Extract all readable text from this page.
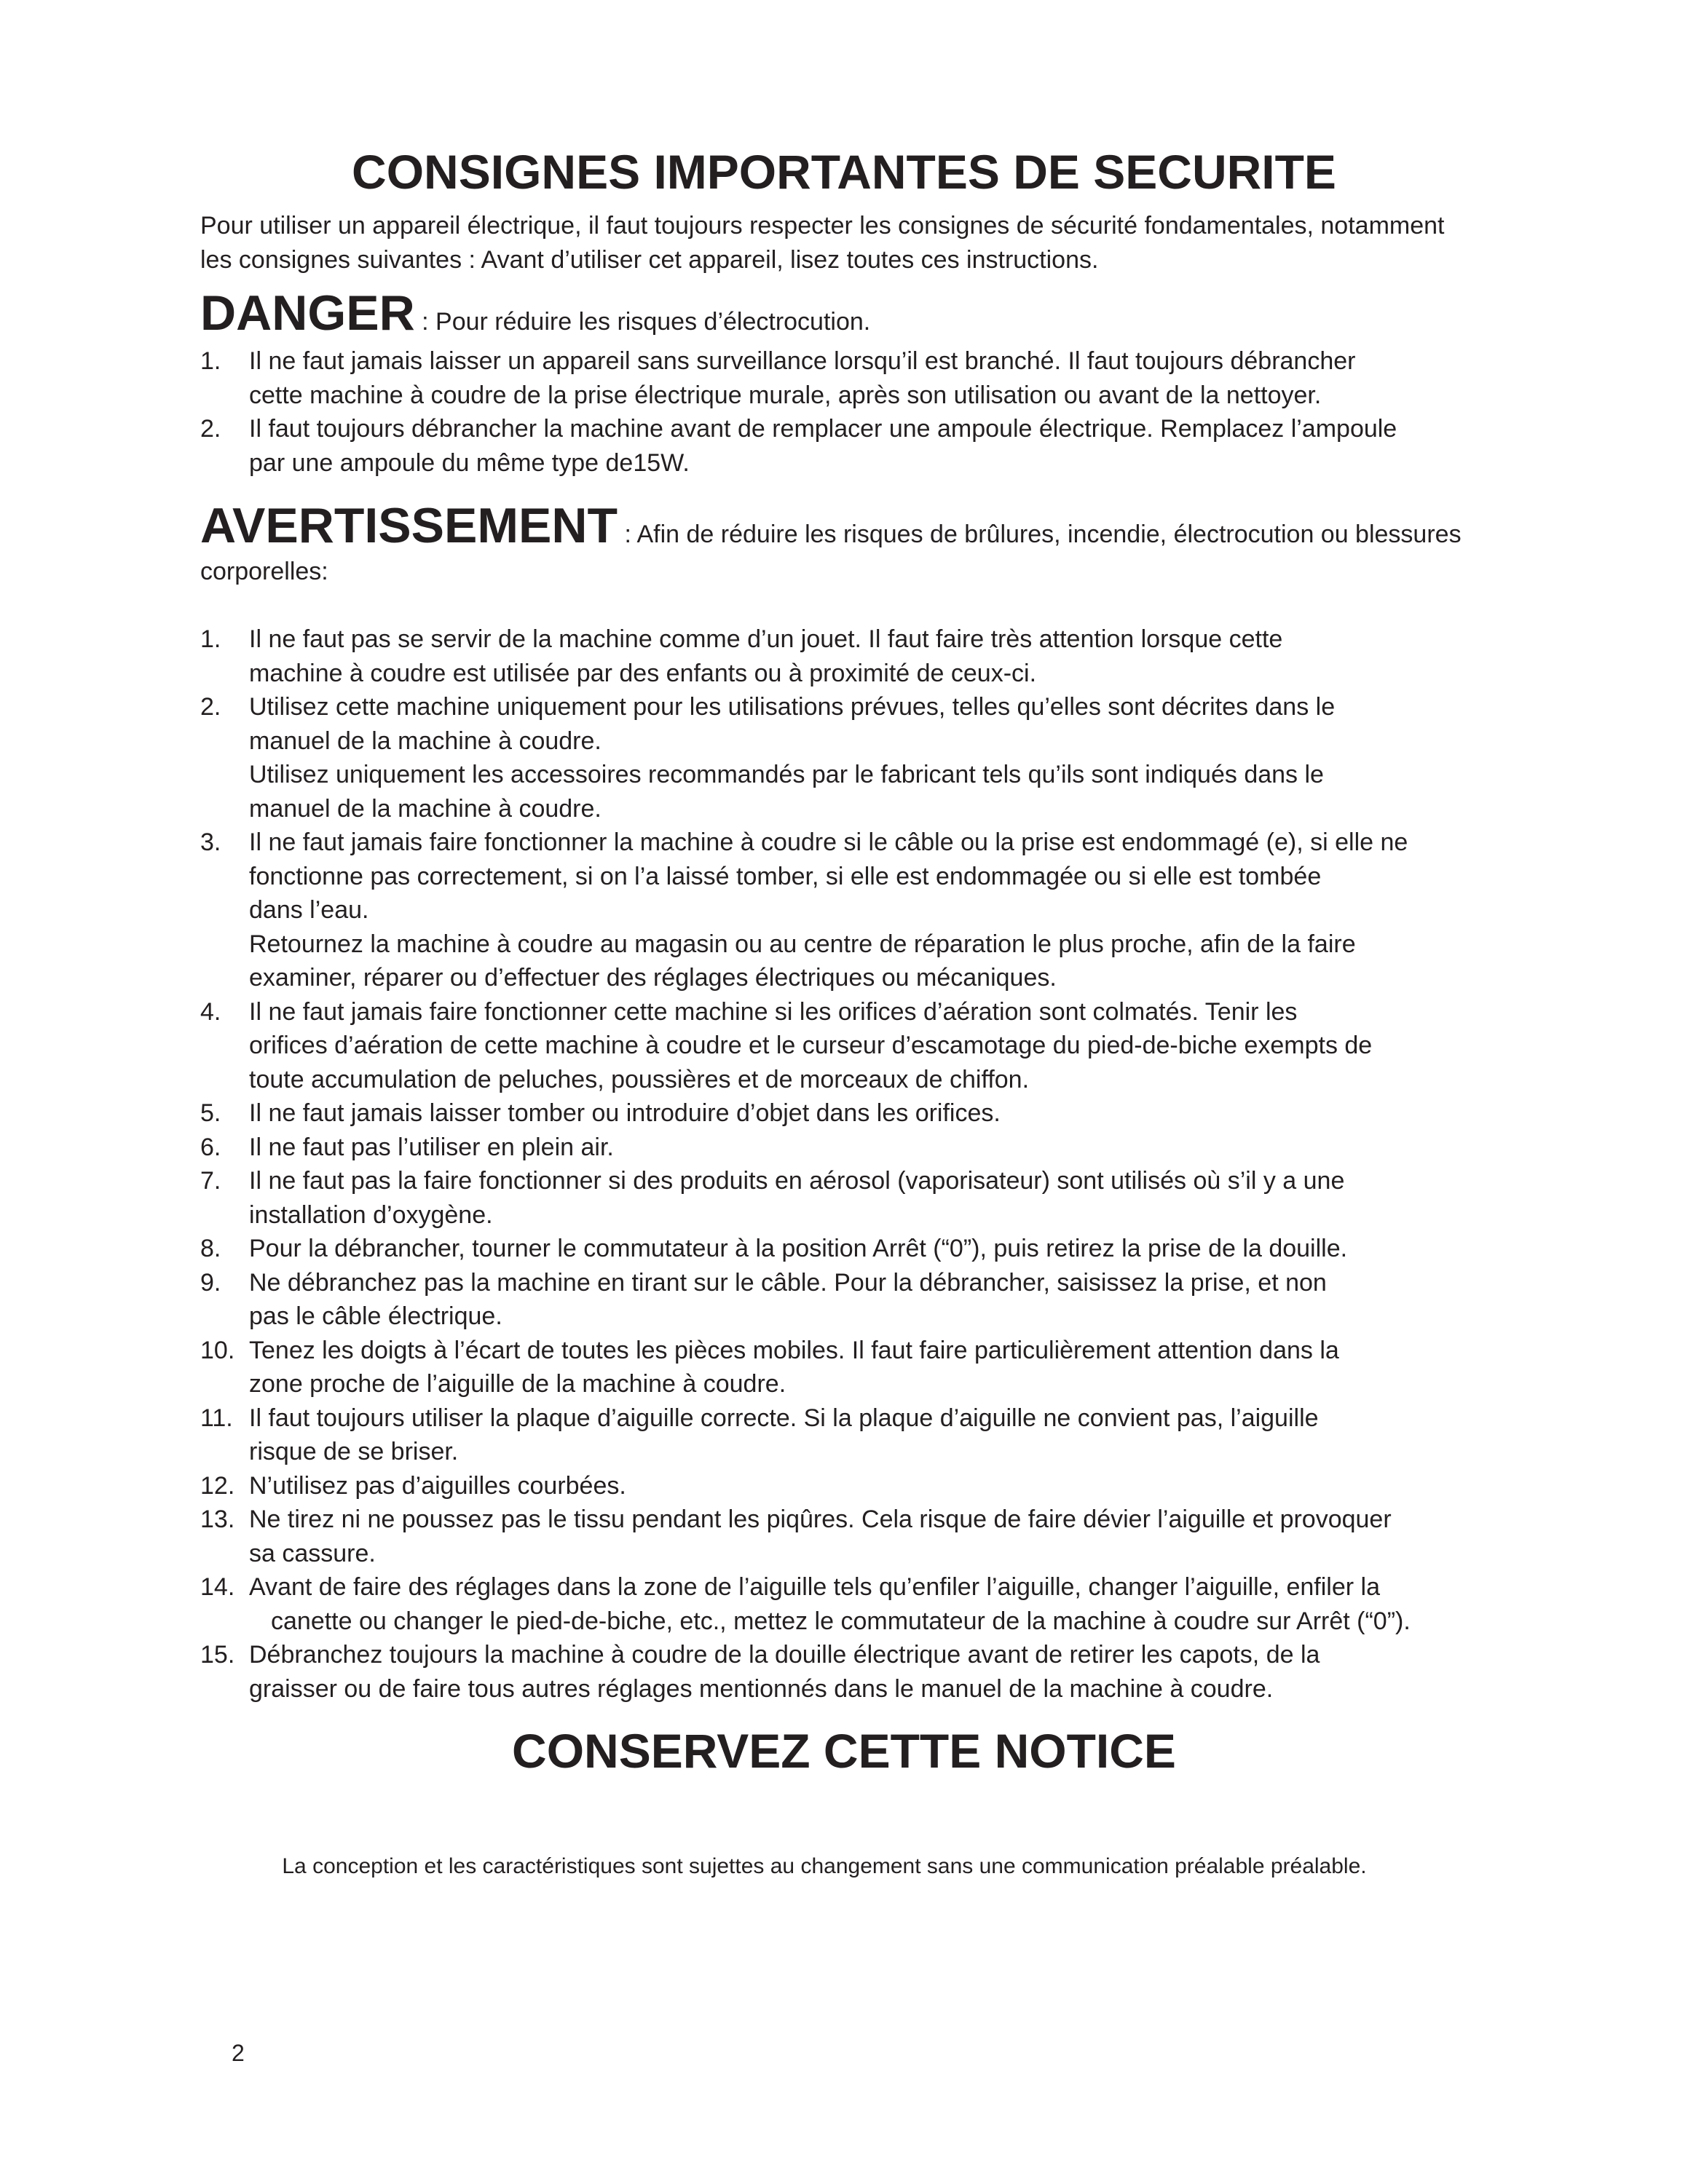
CONSIGNES IMPORTANTES DE SECURITE

Pour utiliser un appareil électrique, il faut toujours respecter les consignes de sécurité fondamentales, notamment
les consignes suivantes : Avant d’utiliser cet appareil, lisez toutes ces instructions.

DANGER : Pour réduire les risques d’électrocution.

1. Il ne faut jamais laisser un appareil sans surveillance lorsqu’il est branché. Il faut toujours débrancher
cette machine à coudre de la prise électrique murale, après son utilisation ou avant de la nettoyer.
2. Il faut toujours débrancher la machine avant de remplacer une ampoule électrique. Remplacez l’ampoule
par une ampoule du même type de15W.

AVERTISSEMENT : Afin de réduire les risques de brûlures, incendie, électrocution ou blessures

corporelles:

1. Il ne faut pas se servir de la machine comme d’un jouet. Il faut faire très attention lorsque cette
machine à coudre est utilisée par des enfants ou à proximité de ceux-ci.
2. Utilisez cette machine uniquement pour les utilisations prévues, telles qu’elles sont décrites dans le
manuel de la machine à coudre.
Utilisez uniquement les accessoires recommandés par le fabricant tels qu’ils sont indiqués dans le
manuel de la machine à coudre.
3. Il ne faut jamais faire fonctionner la machine à coudre si le câble ou la prise est endommagé (e), si elle ne
fonctionne pas correctement, si on l’a laissé tomber, si elle est endommagée ou si elle est tombée
dans l’eau.
Retournez la machine à coudre au magasin ou au centre de réparation le plus proche, afin de la faire
examiner, réparer ou d’effectuer des réglages électriques ou mécaniques.
4. Il ne faut jamais faire fonctionner cette machine si les orifices d’aération sont colmatés. Tenir les
orifices d’aération de cette machine à coudre et le curseur d’escamotage du pied-de-biche exempts de
toute accumulation de peluches, poussières et de morceaux de chiffon.
5. Il ne faut jamais laisser tomber ou introduire d’objet dans les orifices.
6. Il ne faut pas l’utiliser en plein air.
7. Il ne faut pas la faire fonctionner si des produits en aérosol (vaporisateur) sont utilisés où s’il y a une
installation d’oxygène.
8. Pour la débrancher, tourner le commutateur à la position Arrêt (“0”), puis retirez la prise de la douille.
9. Ne débranchez pas la machine en tirant sur le câble. Pour la débrancher, saisissez la prise, et non
pas le câble électrique.
10. Tenez les doigts à l’écart de toutes les pièces mobiles. Il faut faire particulièrement attention dans la
zone proche de l’aiguille de la machine à coudre.
11. Il faut toujours utiliser la plaque d’aiguille correcte. Si la plaque d’aiguille ne convient pas, l’aiguille
risque de se briser.
12. N’utilisez pas d’aiguilles courbées.
13. Ne tirez ni ne poussez pas le tissu pendant les piqûres. Cela risque de faire dévier l’aiguille et provoquer
sa cassure.
14. Avant de faire des réglages dans la zone de l’aiguille tels qu’enfiler l’aiguille, changer l’aiguille, enfiler la
canette ou changer le pied-de-biche, etc., mettez le commutateur de la machine à coudre sur Arrêt (“0”).
15. Débranchez toujours la machine à coudre de la douille électrique avant de retirer les capots, de la
graisser ou de faire tous autres réglages mentionnés dans le manuel de la machine à coudre.
CONSERVEZ CETTE NOTICE

La conception et les caractéristiques sont sujettes au changement sans une communication préalable préalable.

2
